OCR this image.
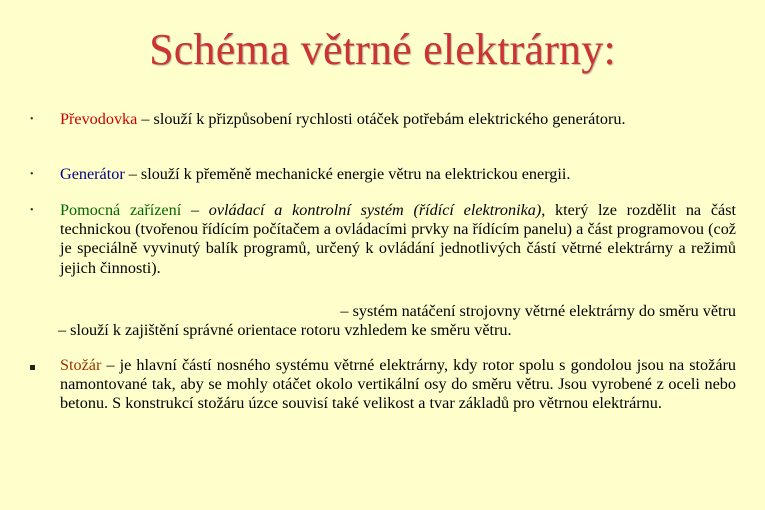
Schéma větrné elektrárny:
• Převodovka – slouží k přizpůsobení rychlosti otáček potřebám elektrického generátoru.
• Generátor – slouží k přeměně mechanické energie větru na elektrickou energii.
• Pomocná zařízení – ovládací a kontrolní systém (řídící elektronika), který lze rozdělit na část technickou (tvořenou řídícím počítačem a ovládacími prvky na řídícím panelu) a část programovou (což je speciálně vyvinutý balík programů, určený k ovládání jednotlivých částí větrné elektrárny a režimů jejich činnosti).
– systém natáčení strojovny větrné elektrárny do směru větru
– slouží k zajištění správné orientace rotoru vzhledem ke směru větru.
Stožár – je hlavní částí nosného systému větrné elektrárny, kdy rotor spolu s gondolou jsou na stožáru namontované tak, aby se mohly otáčet okolo vertikální osy do směru větru. Jsou vyrobené z oceli nebo betonu. S konstrukcí stožáru úzce souvisí také velikost a tvar základů pro větrnou elektrárnu.
